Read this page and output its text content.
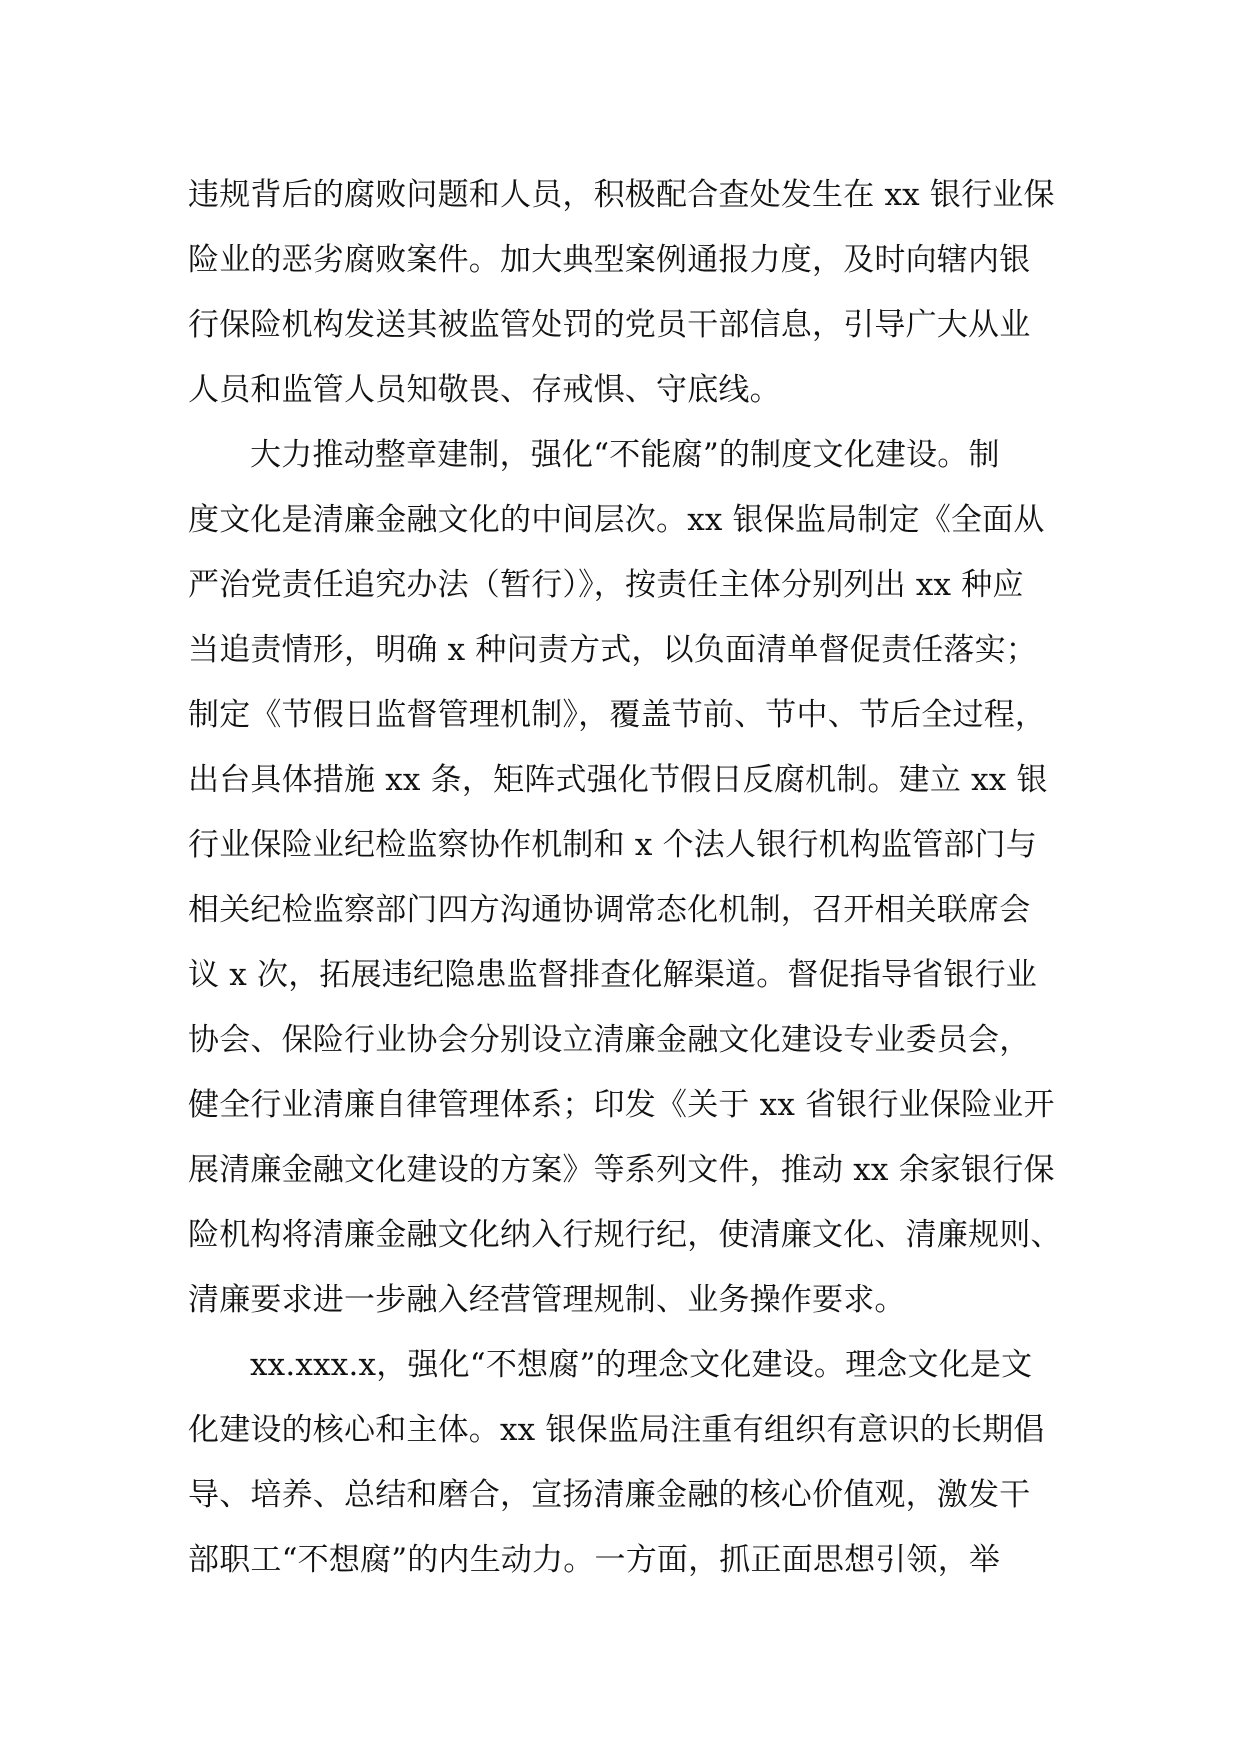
违规背后的腐败问题和人员，积极配合查处发生在 xx 银行业保
险业的恶劣腐败案件。加大典型案例通报力度，及时向辖内银
行保险机构发送其被监管处罚的党员干部信息，引导广大从业
人员和监管人员知敬畏、存戒惧、守底线。
大力推动整章建制，强化“不能腐”的制度文化建设。制
度文化是清廉金融文化的中间层次。xx 银保监局制定《全面从
严治党责任追究办法（暂行）》，按责任主体分别列出 xx 种应
当追责情形，明确 x 种问责方式，以负面清单督促责任落实；
制定《节假日监督管理机制》，覆盖节前、节中、节后全过程，
出台具体措施 xx 条，矩阵式强化节假日反腐机制。建立 xx 银
行业保险业纪检监察协作机制和 x 个法人银行机构监管部门与
相关纪检监察部门四方沟通协调常态化机制，召开相关联席会
议 x 次，拓展违纪隐患监督排查化解渠道。督促指导省银行业
协会、保险行业协会分别设立清廉金融文化建设专业委员会，
健全行业清廉自律管理体系；印发《关于 xx 省银行业保险业开
展清廉金融文化建设的方案》等系列文件，推动 xx 余家银行保
险机构将清廉金融文化纳入行规行纪，使清廉文化、清廉规则、
清廉要求进一步融入经营管理规制、业务操作要求。
xx.xxx.x，强化“不想腐”的理念文化建设。理念文化是文
化建设的核心和主体。xx 银保监局注重有组织有意识的长期倡
导、培养、总结和磨合，宣扬清廉金融的核心价值观，激发干
部职工“不想腐”的内生动力。一方面，抓正面思想引领，举
